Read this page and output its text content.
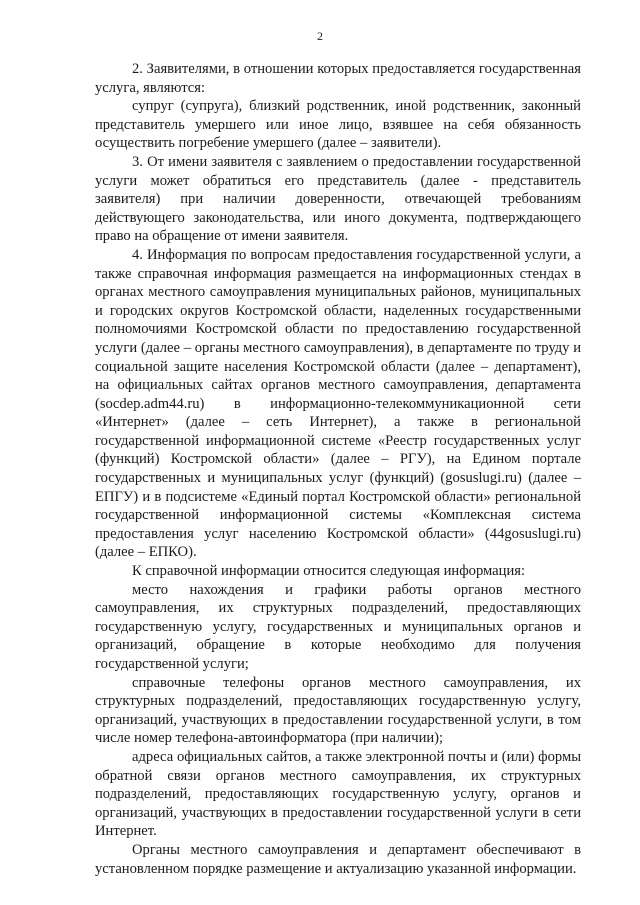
2

2. Заявителями, в отношении которых предоставляется государственная услуга, являются:

супруг (супруга), близкий родственник, иной родственник, законный представитель умершего или иное лицо, взявшее на себя обязанность осуществить погребение умершего (далее – заявители).

3. От имени заявителя с заявлением о предоставлении государственной услуги может обратиться его представитель (далее - представитель заявителя) при наличии доверенности, отвечающей требованиям действующего законодательства, или иного документа, подтверждающего право на обращение от имени заявителя.

4. Информация по вопросам предоставления государственной услуги, а также справочная информация размещается на информационных стендах в органах местного самоуправления муниципальных районов, муниципальных и городских округов Костромской области, наделенных государственными полномочиями Костромской области по предоставлению государственной услуги (далее – органы местного самоуправления), в департаменте по труду и социальной защите населения Костромской области (далее – департамент), на официальных сайтах органов местного самоуправления, департамента (socdep.adm44.ru) в информационно-телекоммуникационной сети «Интернет» (далее – сеть Интернет), а также в региональной государственной информационной системе «Реестр государственных услуг (функций) Костромской области» (далее – РГУ), на Едином портале государственных и муниципальных услуг (функций) (gosuslugi.ru) (далее – ЕПГУ) и в подсистеме «Единый портал Костромской области» региональной государственной информационной системы «Комплексная система предоставления услуг населению Костромской области» (44gosuslugi.ru) (далее – ЕПКО).

К справочной информации относится следующая информация:

место нахождения и графики работы органов местного самоуправления, их структурных подразделений, предоставляющих государственную услугу, государственных и муниципальных органов и организаций, обращение в которые необходимо для получения государственной услуги;

справочные телефоны органов местного самоуправления, их структурных подразделений, предоставляющих государственную услугу, организаций, участвующих в предоставлении государственной услуги, в том числе номер телефона-автоинформатора (при наличии);

адреса официальных сайтов, а также электронной почты и (или) формы обратной связи органов местного самоуправления, их структурных подразделений, предоставляющих государственную услугу, органов и организаций, участвующих в предоставлении государственной услуги в сети Интернет.

Органы местного самоуправления и департамент обеспечивают в установленном порядке размещение и актуализацию указанной информации.
